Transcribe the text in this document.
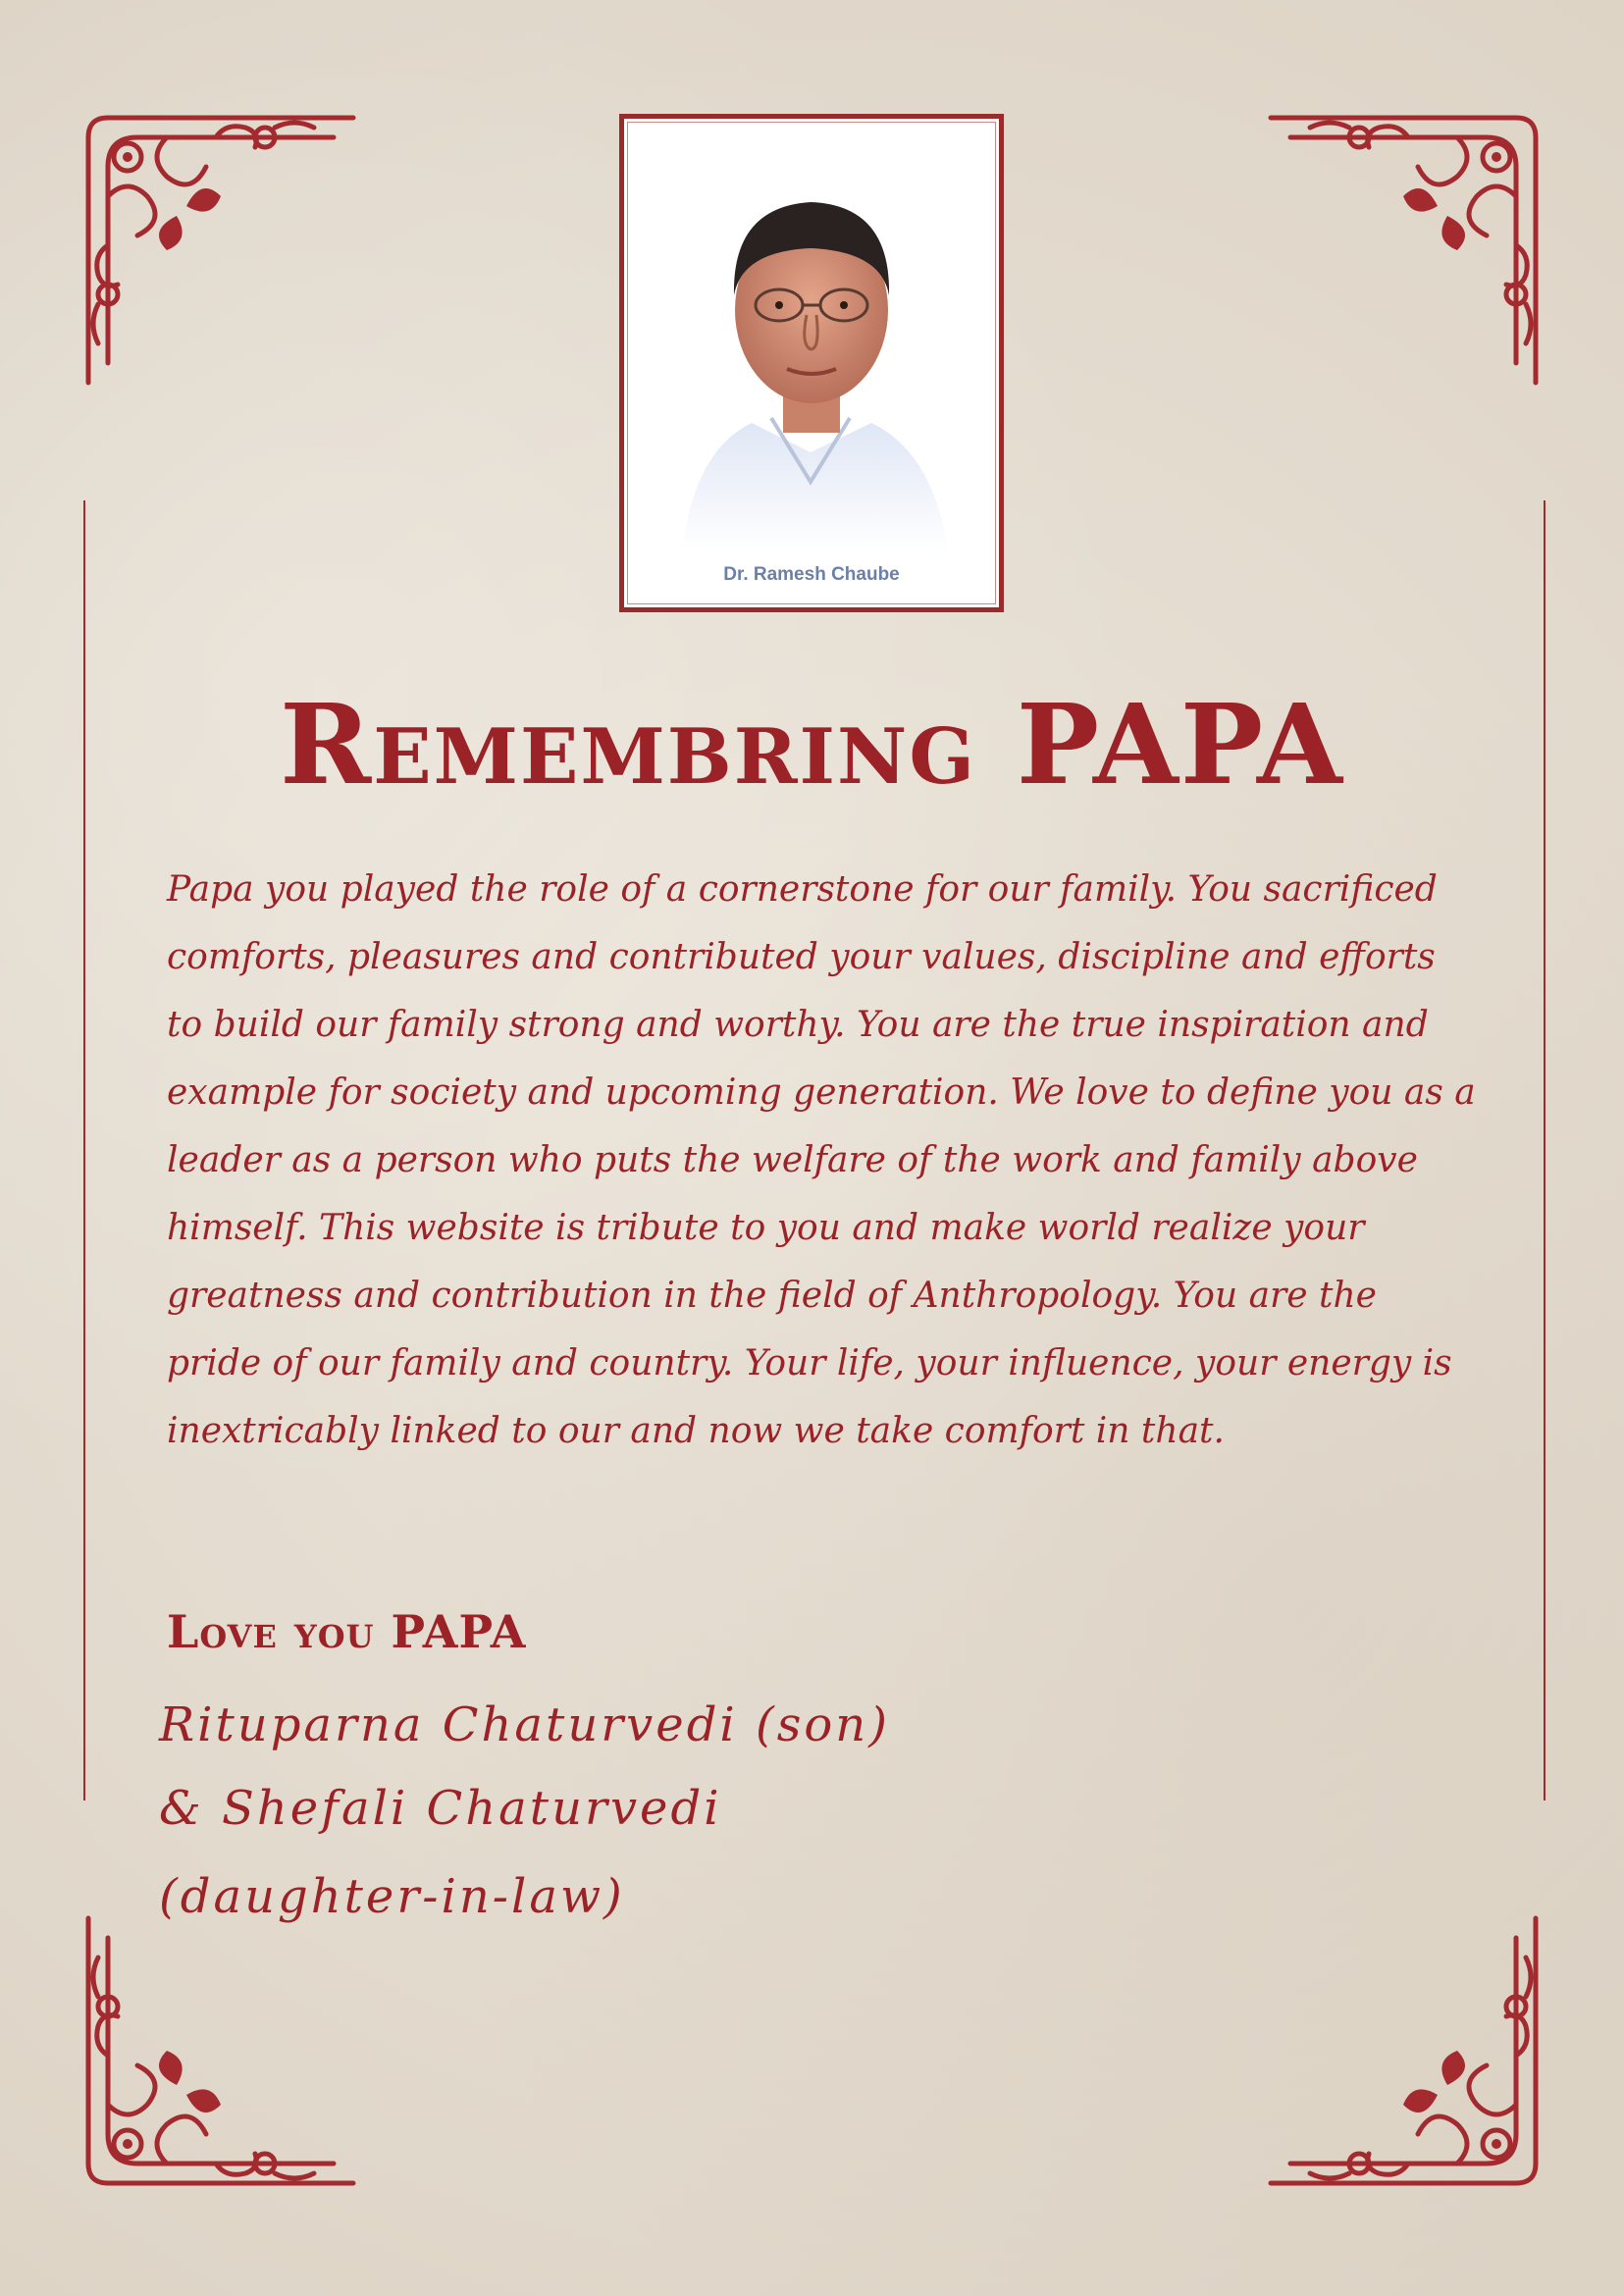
Dr. Ramesh Chaube
Remembring PAPA

Papa you played the role of a cornerstone for our family. You sacrificed comforts, pleasures and contributed your values, discipline and efforts to build our family strong and worthy. You are the true inspiration and example for society and upcoming generation. We love to define you as a leader as a person who puts the welfare of the work and family above himself. This website is tribute to you and make world realize your greatness and contribution in the field of Anthropology. You are the pride of our family and country. Your life, your influence, your energy is inextricably linked to our and now we take comfort in that.

Love you PAPA
Rituparna Chaturvedi (son)
& Shefali Chaturvedi
(daughter-in-law)
